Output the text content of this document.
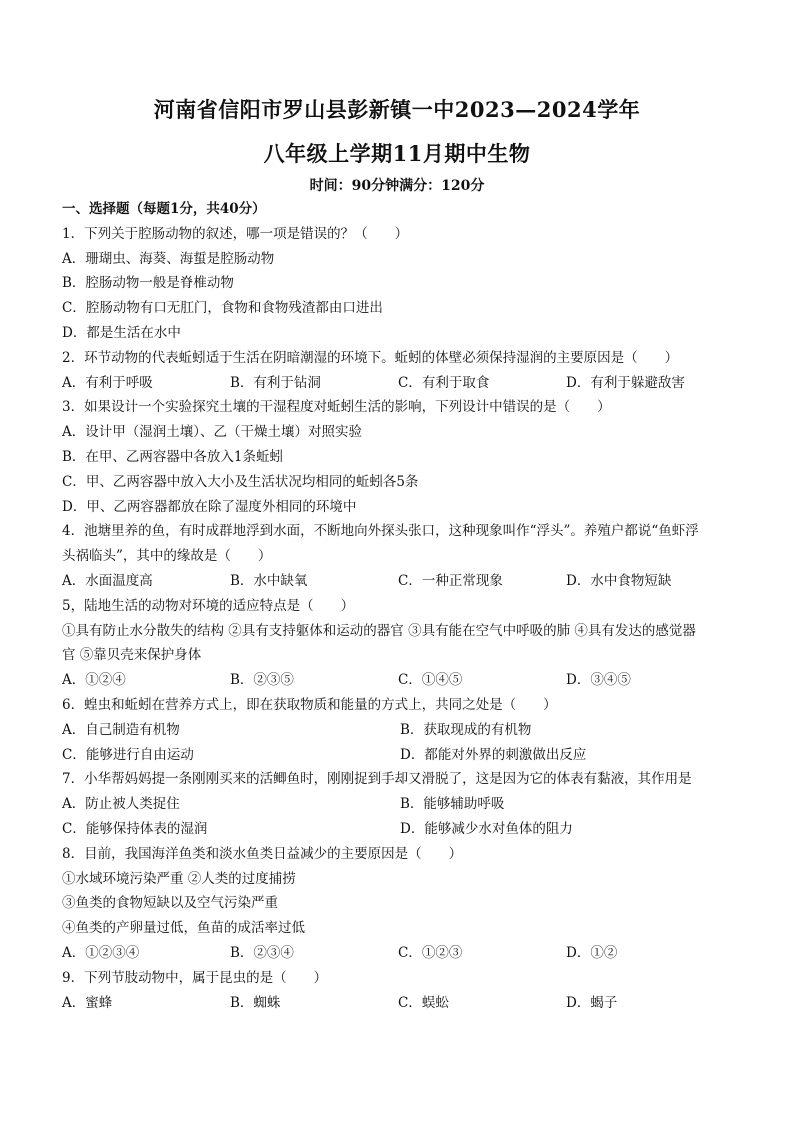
河南省信阳市罗山县彭新镇一中2023—2024学年
八年级上学期11月期中生物
时间：90分钟满分：120分
一、选择题（每题1分，共40分）
1．下列关于腔肠动物的叙述，哪一项是错误的？（　　）
A．珊瑚虫、海葵、海蜇是腔肠动物
B．腔肠动物一般是脊椎动物
C．腔肠动物有口无肛门，食物和食物残渣都由口进出
D．都是生活在水中
2．环节动物的代表蚯蚓适于生活在阴暗潮湿的环境下。蚯蚓的体壁必须保持湿润的主要原因是（　　）
A．有利于呼吸	B．有利于钻洞	C．有利于取食	D．有利于躲避敌害
3．如果设计一个实验探究土壤的干湿程度对蚯蚓生活的影响，下列设计中错误的是（　　）
A．设计甲（湿润土壤）、乙（干燥土壤）对照实验
B．在甲、乙两容器中各放入1条蚯蚓
C．甲、乙两容器中放入大小及生活状况均相同的蚯蚓各5条
D．甲、乙两容器都放在除了湿度外相同的环境中
4．池塘里养的鱼，有时成群地浮到水面，不断地向外探头张口，这种现象叫作“浮头”。养殖户都说“鱼虾浮
头祸临头”，其中的缘故是（　　）
A．水面温度高	B．水中缺氧	C．一种正常现象	D．水中食物短缺
5，陆地生活的动物对环境的适应特点是（　　）
①具有防止水分散失的结构 ②具有支持躯体和运动的器官 ③具有能在空气中呼吸的肺 ④具有发达的感觉器
官 ⑤靠贝壳来保护身体
A．①②④	B．②③⑤	C．①④⑤	D．③④⑤
6．蝗虫和蚯蚓在营养方式上，即在获取物质和能量的方式上，共同之处是（　　）
A．自己制造有机物	B．获取现成的有机物
C．能够进行自由运动	D．都能对外界的刺激做出反应
7．小华帮妈妈提一条刚刚买来的活鲫鱼时，刚刚捉到手却又滑脱了，这是因为它的体表有黏液，其作用是
A．防止被人类捉住	B．能够辅助呼吸
C．能够保持体表的湿润	D．能够减少水对鱼体的阻力
8．目前，我国海洋鱼类和淡水鱼类日益减少的主要原因是（　　）
①水域环境污染严重 ②人类的过度捕捞
③鱼类的食物短缺以及空气污染严重
④鱼类的产卵量过低，鱼苗的成活率过低
A．①②③④	B．②③④	C．①②③	D．①②
9．下列节肢动物中，属于昆虫的是（　　）
A．蜜蜂	B．蜘蛛	C．蜈蚣	D．蝎子
